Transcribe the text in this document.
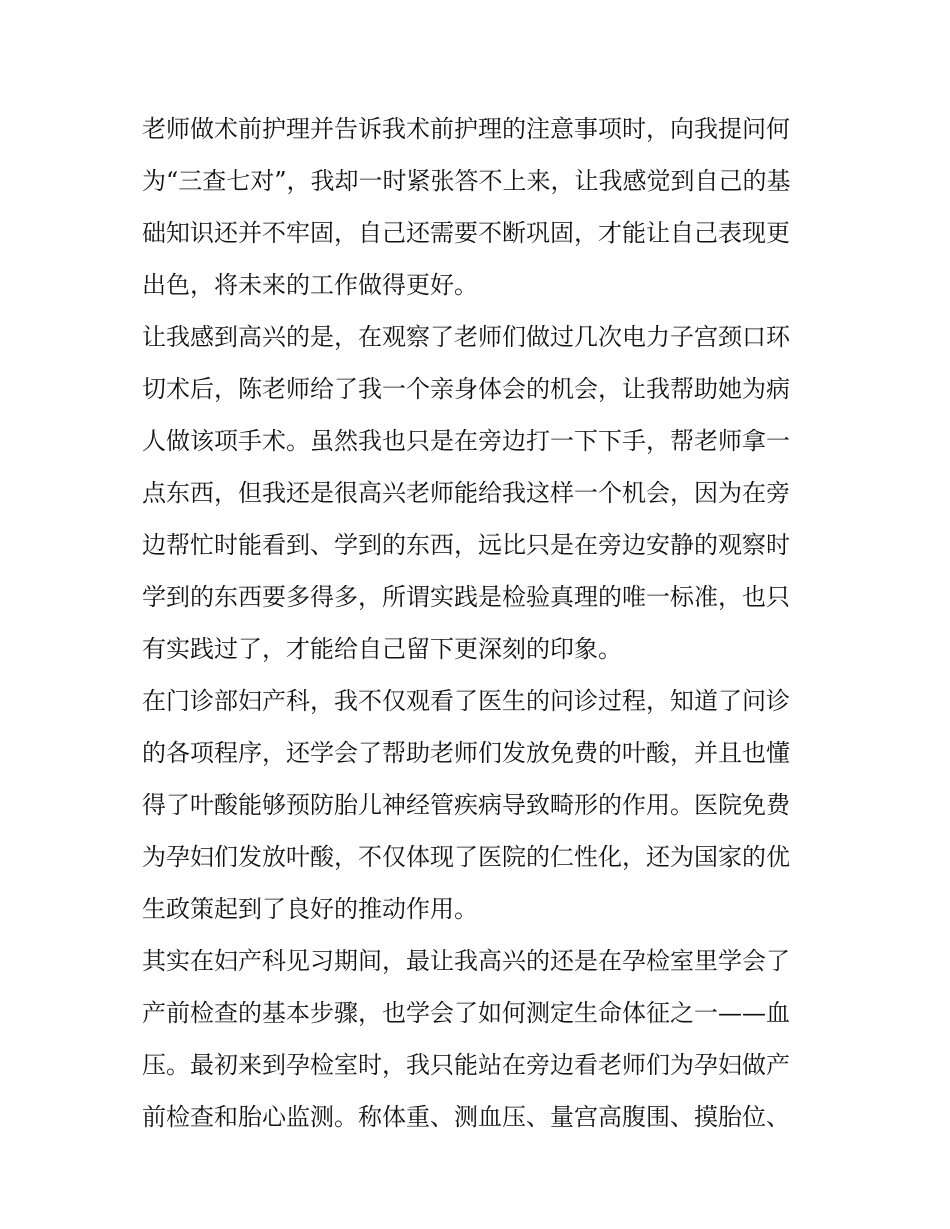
老师做术前护理并告诉我术前护理的注意事项时，向我提问何
为“三查七对”，我却一时紧张答不上来，让我感觉到自己的基
础知识还并不牢固，自己还需要不断巩固，才能让自己表现更
出色，将未来的工作做得更好。
让我感到高兴的是，在观察了老师们做过几次电力子宫颈口环
切术后，陈老师给了我一个亲身体会的机会，让我帮助她为病
人做该项手术。虽然我也只是在旁边打一下下手，帮老师拿一
点东西，但我还是很高兴老师能给我这样一个机会，因为在旁
边帮忙时能看到、学到的东西，远比只是在旁边安静的观察时
学到的东西要多得多，所谓实践是检验真理的唯一标准，也只
有实践过了，才能给自己留下更深刻的印象。
在门诊部妇产科，我不仅观看了医生的问诊过程，知道了问诊
的各项程序，还学会了帮助老师们发放免费的叶酸，并且也懂
得了叶酸能够预防胎儿神经管疾病导致畸形的作用。医院免费
为孕妇们发放叶酸，不仅体现了医院的仁性化，还为国家的优
生政策起到了良好的推动作用。
其实在妇产科见习期间，最让我高兴的还是在孕检室里学会了
产前检查的基本步骤，也学会了如何测定生命体征之一——血
压。最初来到孕检室时，我只能站在旁边看老师们为孕妇做产
前检查和胎心监测。称体重、测血压、量宫高腹围、摸胎位、
